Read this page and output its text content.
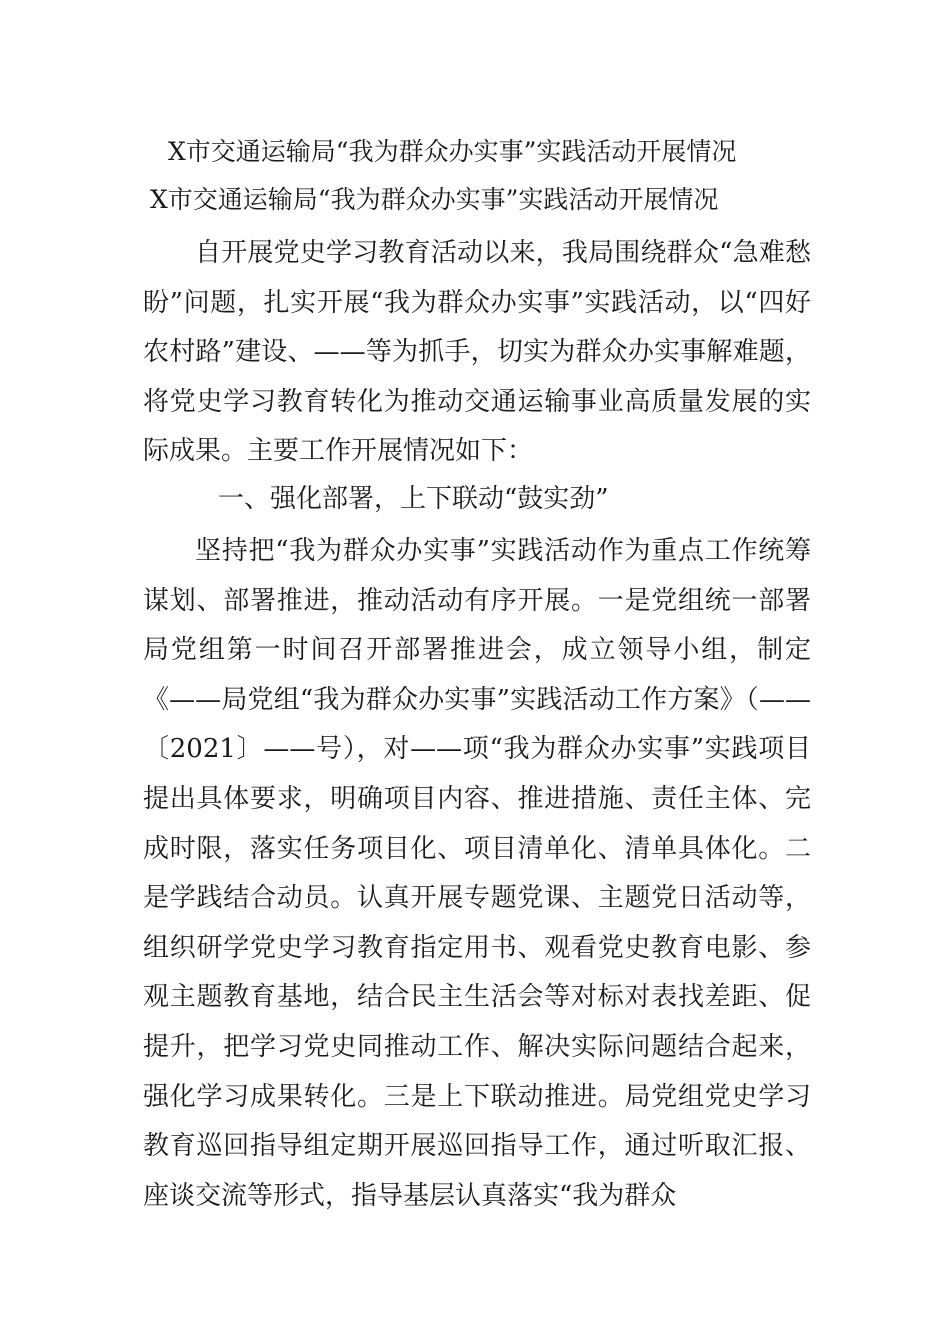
X市交通运输局“我为群众办实事”实践活动开展情况
X市交通运输局“我为群众办实事”实践活动开展情况

自开展党史学习教育活动以来，我局围绕群众“急难愁盼”问题，扎实开展“我为群众办实事”实践活动，以“四好农村路”建设、——等为抓手，切实为群众办实事解难题，将党史学习教育转化为推动交通运输事业高质量发展的实际成果。主要工作开展情况如下：

一、强化部署，上下联动“鼓实劲”

坚持把“我为群众办实事”实践活动作为重点工作统筹谋划、部署推进，推动活动有序开展。一是党组统一部署局党组第一时间召开部署推进会，成立领导小组，制定《——局党组“我为群众办实事”实践活动工作方案》（——〔2021〕——号），对——项“我为群众办实事”实践项目提出具体要求，明确项目内容、推进措施、责任主体、完成时限，落实任务项目化、项目清单化、清单具体化。二是学践结合动员。认真开展专题党课、主题党日活动等，组织研学党史学习教育指定用书、观看党史教育电影、参观主题教育基地，结合民主生活会等对标对表找差距、促提升，把学习党史同推动工作、解决实际问题结合起来，强化学习成果转化。三是上下联动推进。局党组党史学习教育巡回指导组定期开展巡回指导工作，通过听取汇报、座谈交流等形式，指导基层认真落实“我为群众
